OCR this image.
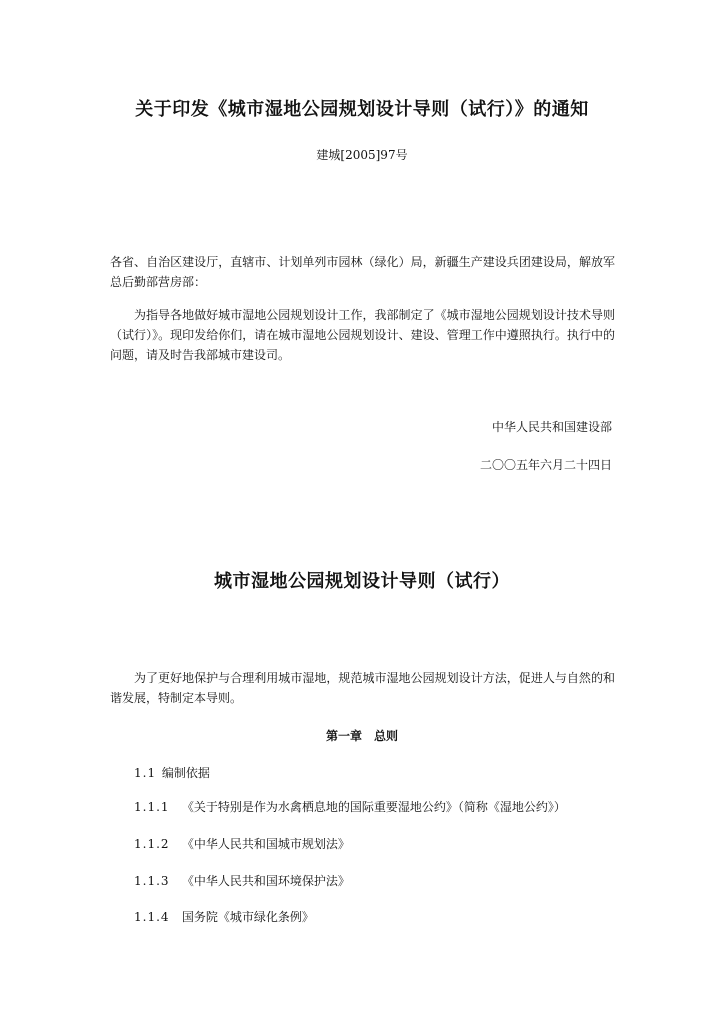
关于印发《城市湿地公园规划设计导则（试行）》的通知

建城[2005]97号

各省、自治区建设厅，直辖市、计划单列市园林（绿化）局，新疆生产建设兵团建设局，解放军总后勤部营房部：

为指导各地做好城市湿地公园规划设计工作，我部制定了《城市湿地公园规划设计技术导则（试行）》。现印发给你们，请在城市湿地公园规划设计、建设、管理工作中遵照执行。执行中的问题，请及时告我部城市建设司。

中华人民共和国建设部

二〇〇五年六月二十四日

城市湿地公园规划设计导则（试行）

为了更好地保护与合理利用城市湿地，规范城市湿地公园规划设计方法，促进人与自然的和谐发展，特制定本导则。

第一章　总则

1.1 编制依据
1.1.1 《关于特别是作为水禽栖息地的国际重要湿地公约》（简称《湿地公约》）
1.1.2 《中华人民共和国城市规划法》
1.1.3 《中华人民共和国环境保护法》
1.1.4 国务院《城市绿化条例》
